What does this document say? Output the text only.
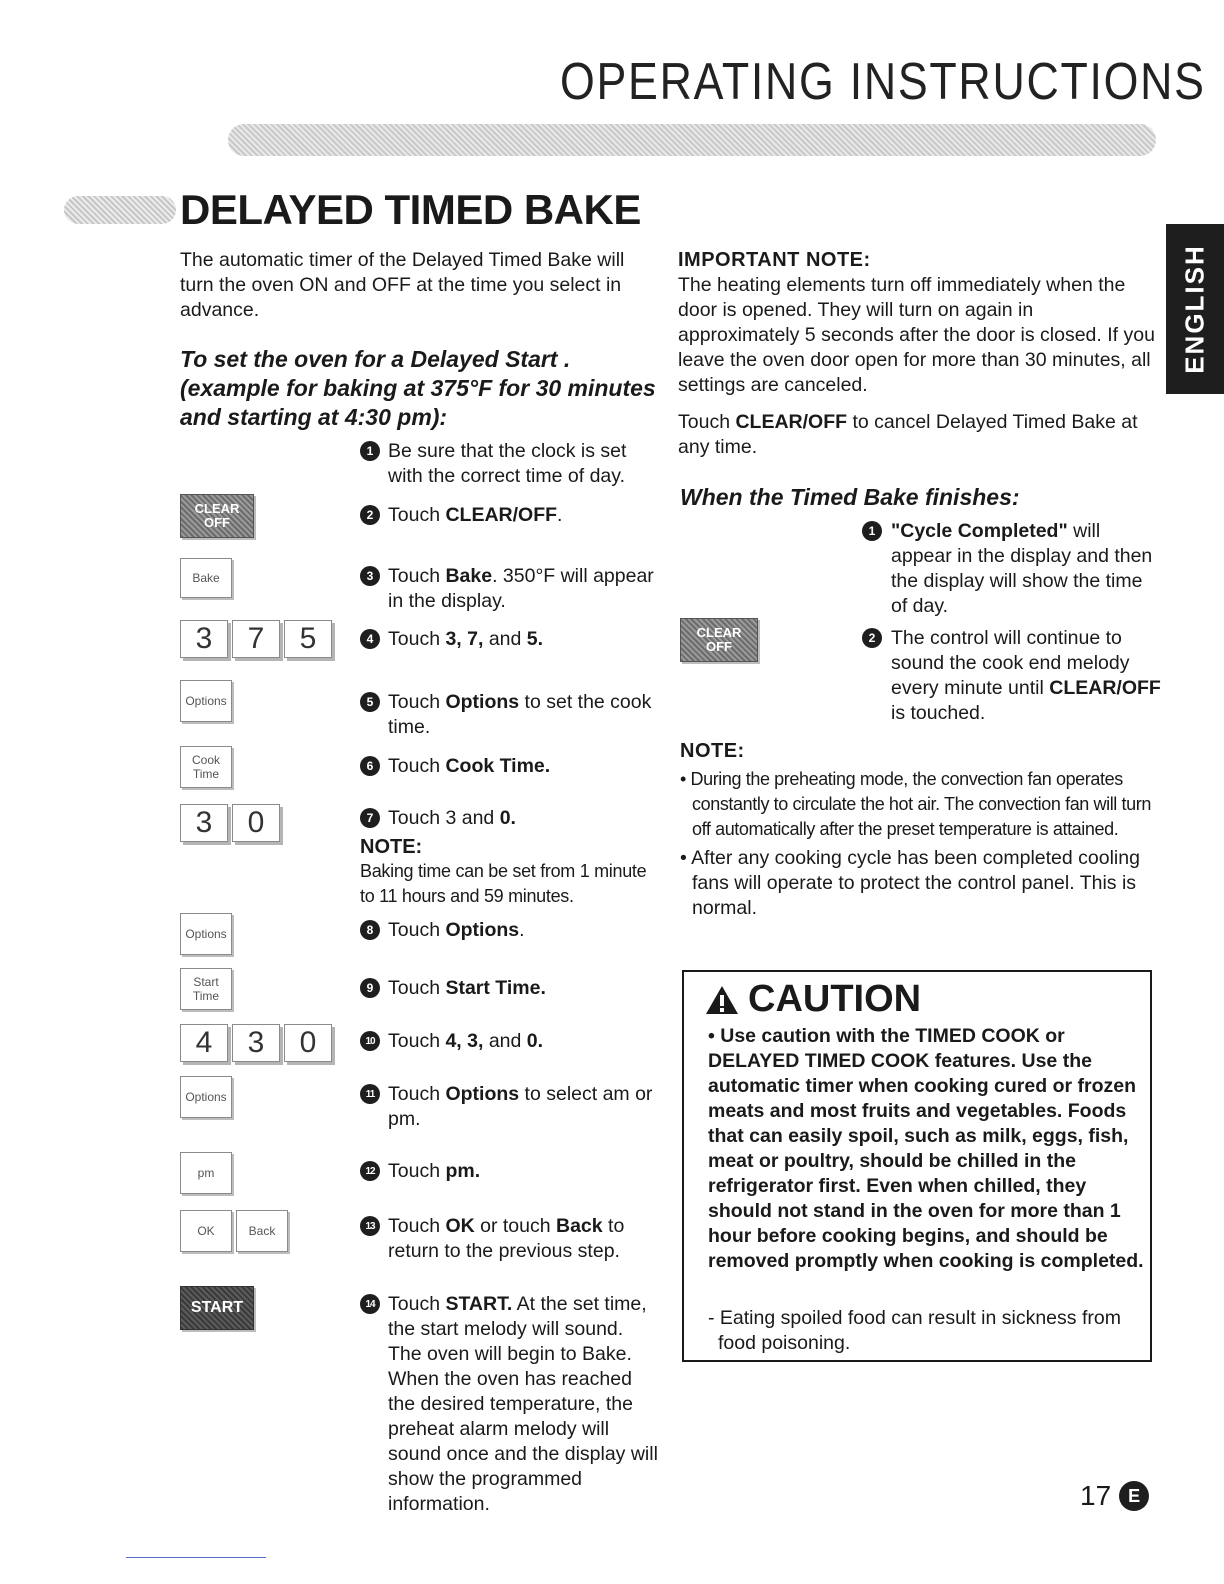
OPERATING INSTRUCTIONS
ENGLISH
DELAYED TIMED BAKE
The automatic timer of the Delayed Timed Bake will turn the oven ON and OFF at the time you select in advance.
To set the oven for a Delayed Start .
(example for baking at 375°F for 30 minutes
and starting at 4:30 pm):
CLEAR
OFF
Bake
3	7	5
Options
Cook
Time
3	0
Options
Start
Time
4	3	0
Options
pm
OK	Back
START
1 Be sure that the clock is set with the correct time of day.
2 Touch CLEAR/OFF.
3 Touch Bake. 350°F will appear in the display.
4 Touch 3, 7, and 5.
5 Touch Options to set the cook time.
6 Touch Cook Time.
7 Touch 3 and 0.
NOTE:
Baking time can be set from 1 minute to 11 hours and 59 minutes.
8 Touch Options.
9 Touch Start Time.
10 Touch 4, 3, and 0.
11 Touch Options to select am or pm.
12 Touch pm.
13 Touch OK or touch Back to return to the previous step.
14 Touch START. At the set time, the start melody will sound. The oven will begin to Bake. When the oven has reached the desired temperature, the preheat alarm melody will sound once and the display will show the programmed information.
IMPORTANT NOTE:
The heating elements turn off immediately when the door is opened. They will turn on again in approximately 5 seconds after the door is closed. If you leave the oven door open for more than 30 minutes, all settings are canceled.
Touch CLEAR/OFF to cancel Delayed Timed Bake at any time.
When the Timed Bake finishes:
1 "Cycle Completed" will appear in the display and then the display will show the time of day.
CLEAR
OFF
2 The control will continue to sound the cook end melody every minute until CLEAR/OFF is touched.
NOTE:
• During the preheating mode, the convection fan operates constantly to circulate the hot air. The convection fan will turn off automatically after the preset temperature is attained.
• After any cooking cycle has been completed cooling fans will operate to protect the control panel. This is normal.
CAUTION
• Use caution with the TIMED COOK or DELAYED TIMED COOK features. Use the automatic timer when cooking cured or frozen meats and most fruits and vegetables. Foods that can easily spoil, such as milk, eggs, fish, meat or poultry, should be chilled in the refrigerator first. Even when chilled, they should not stand in the oven for more than 1 hour before cooking begins, and should be removed promptly when cooking is completed.
- Eating spoiled food can result in sickness from food poisoning.
17 E
